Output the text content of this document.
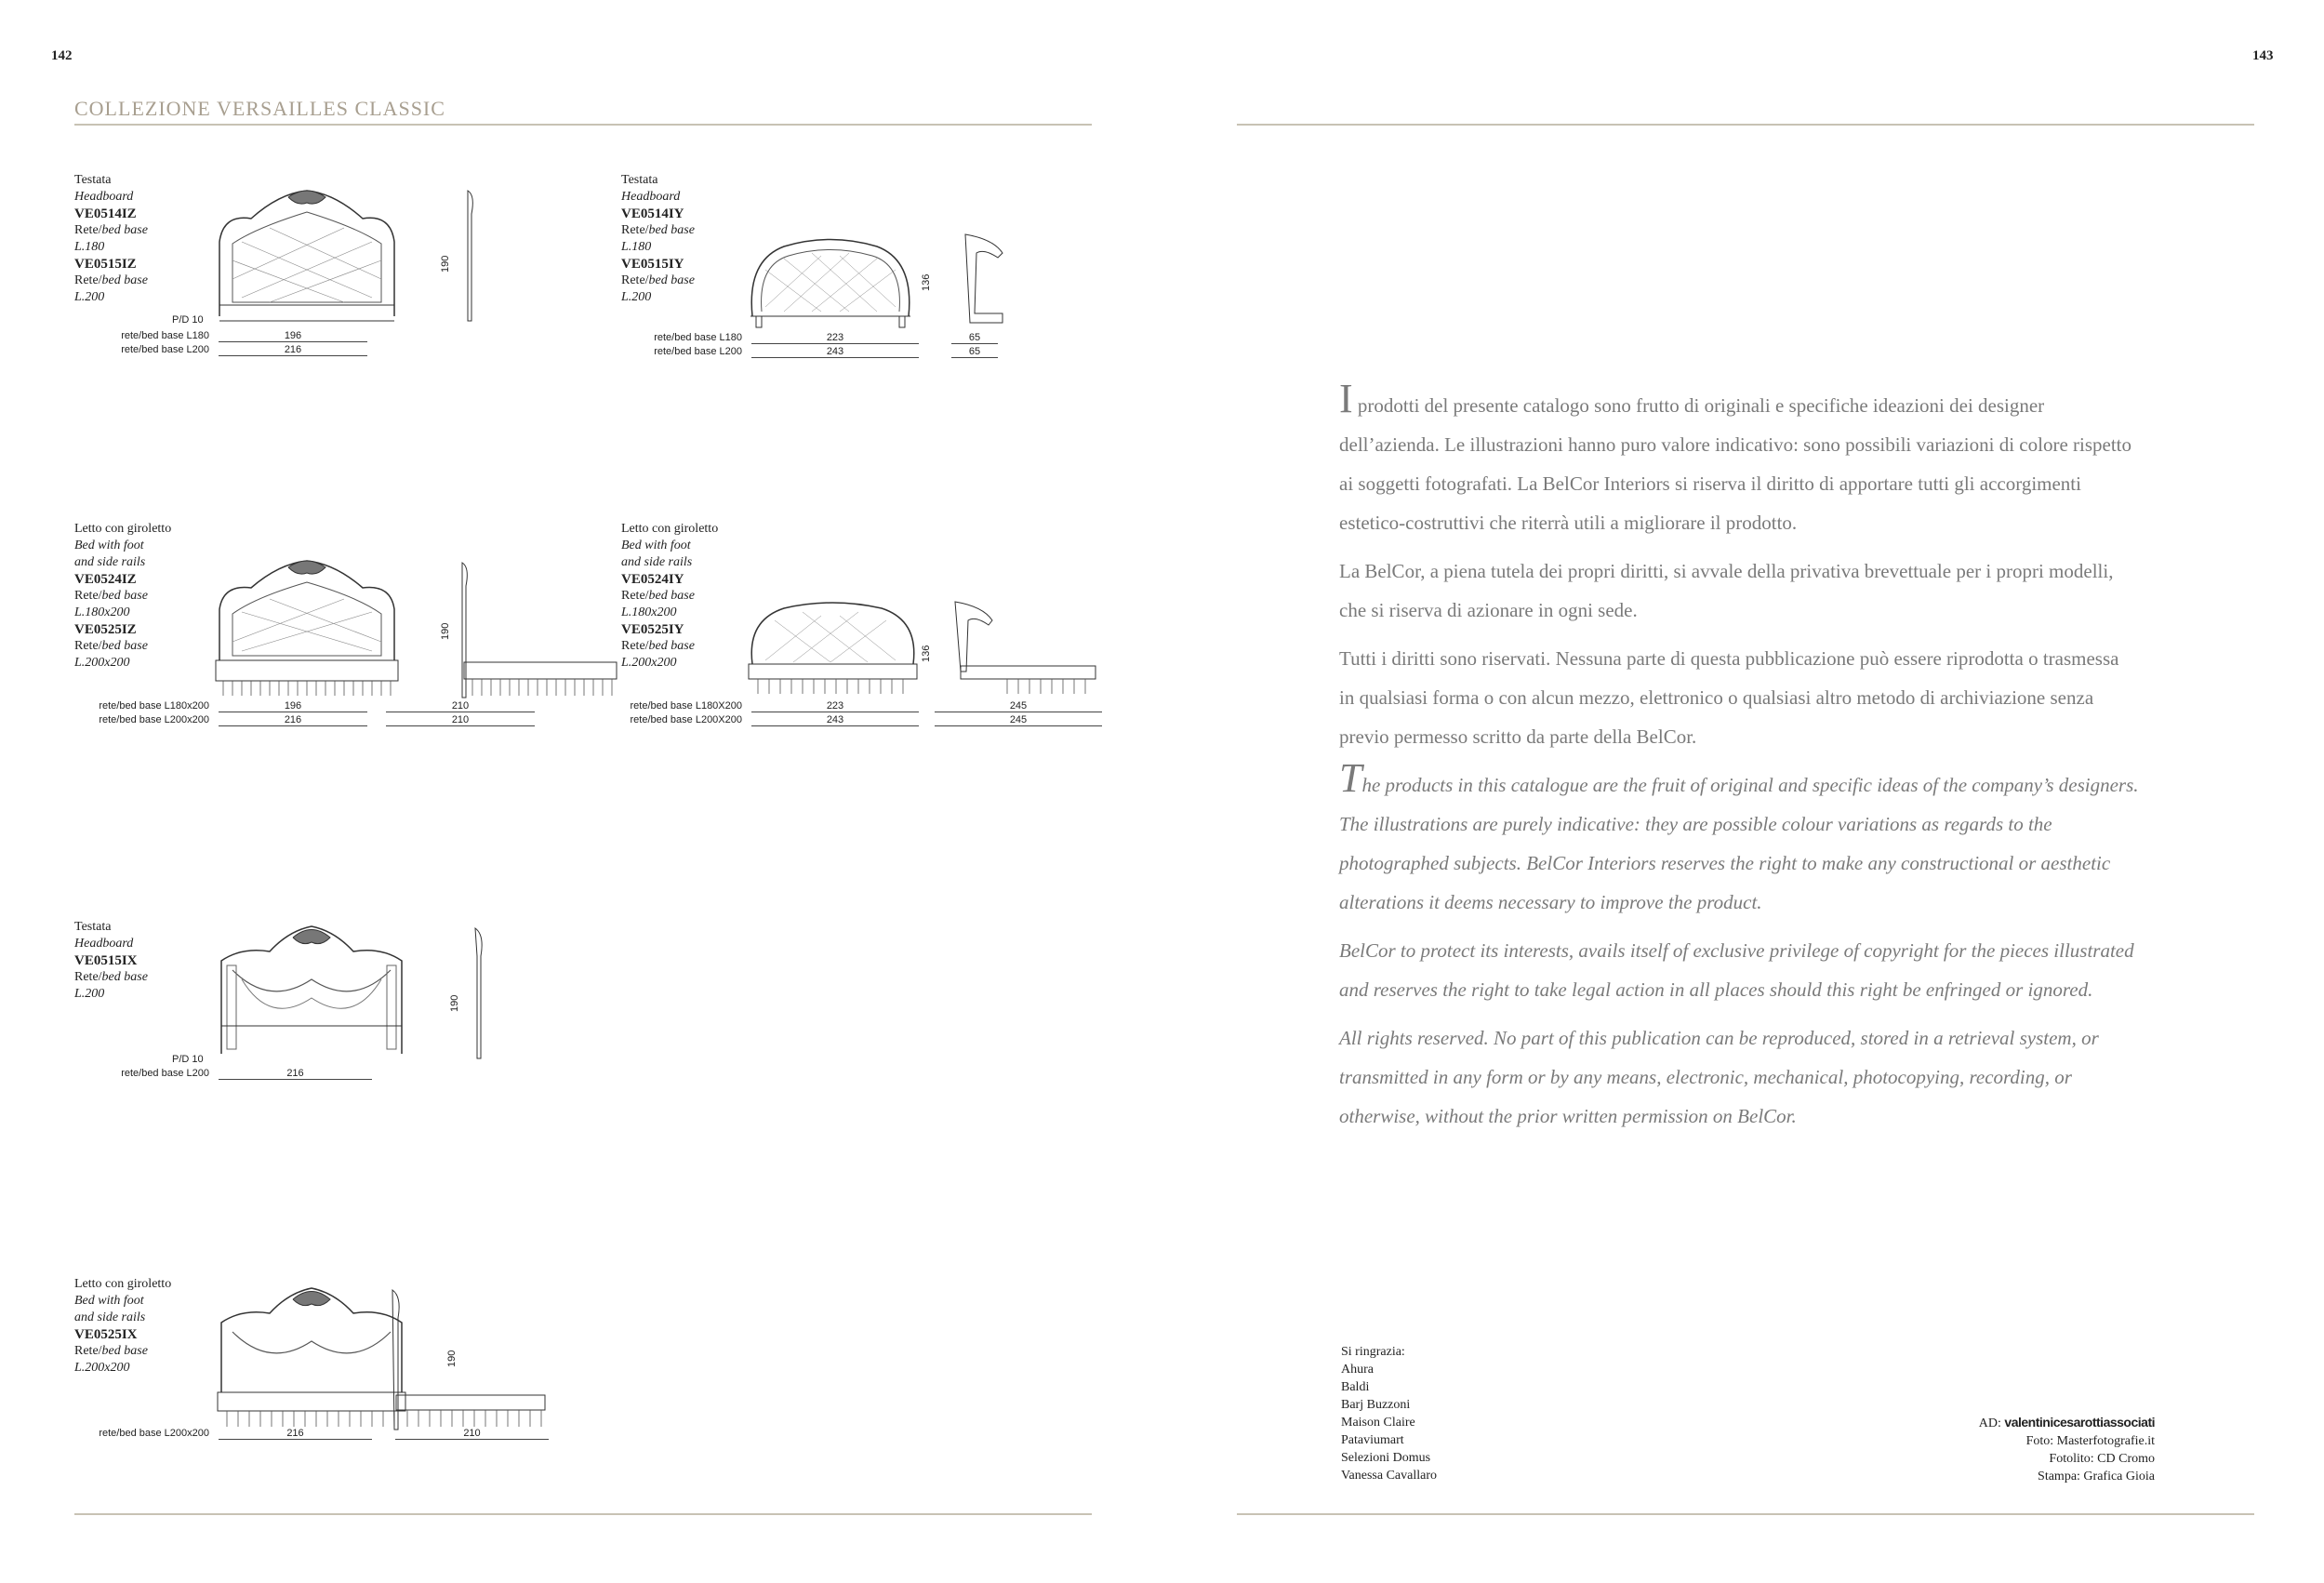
142
COLLEZIONE VERSAILLES CLASSIC
Testata
Headboard
VE0514IZ
Rete/bed base
L.180
VE0515IZ
Rete/bed base
L.200
190
P/D 10
rete/bed base L180	196
rete/bed base L200	216
Testata
Headboard
VE0514IY
Rete/bed base
L.180
VE0515IY
Rete/bed base
L.200
136
rete/bed base L180	223	65
rete/bed base L200	243	65
Letto con giroletto
Bed with foot
and side rails
VE0524IZ
Rete/bed base
L.180x200
VE0525IZ
Rete/bed base
L.200x200
190
rete/bed base L180x200	196	210
rete/bed base L200x200	216	210
Letto con giroletto
Bed with foot
and side rails
VE0524IY
Rete/bed base
L.180x200
VE0525IY
Rete/bed base
L.200x200
136
rete/bed base L180X200	223	245
rete/bed base L200X200	243	245
Testata
Headboard
VE0515IX
Rete/bed base
L.200
190
P/D 10
rete/bed base L200	216
Letto con giroletto
Bed with foot
and side rails
VE0525IX
Rete/bed base
L.200x200
190
rete/bed base L200x200	216	210
143

I prodotti del presente catalogo sono frutto di originali e specifiche ideazioni dei designer dell’azienda. Le illustrazioni hanno puro valore indicativo: sono possibili variazioni di colore rispetto ai soggetti fotografati. La BelCor Interiors si riserva il diritto di apportare tutti gli accorgimenti estetico-costruttivi che riterrà utili a migliorare il prodotto.

La BelCor, a piena tutela dei propri diritti, si avvale della privativa brevettuale per i propri modelli, che si riserva di azionare in ogni sede.

Tutti i diritti sono riservati. Nessuna parte di questa pubblicazione può essere riprodotta o trasmessa in qualsiasi forma o con alcun mezzo, elettronico o qualsiasi altro metodo di archiviazione senza previo permesso scritto da parte della BelCor.

The products in this catalogue are the fruit of original and specific ideas of the company’s designers. The illustrations are purely indicative: they are possible colour variations as regards to the photographed subjects. BelCor Interiors reserves the right to make any constructional or aesthetic alterations it deems necessary to improve the product.

BelCor to protect its interests, avails itself of exclusive privilege of copyright for the pieces illustrated and reserves the right to take legal action in all places should this right be enfringed or ignored.

All rights reserved. No part of this publication can be reproduced, stored in a retrieval system, or transmitted in any form or by any means, electronic, mechanical, photocopying, recording, or otherwise, without the prior written permission on BelCor.

Si ringrazia:
Ahura
Baldi
Barj Buzzoni
Maison Claire
Pataviumart
Selezioni Domus
Vanessa Cavallaro
AD: valentinicesarottiassociati
Foto: Masterfotografie.it
Fotolito: CD Cromo
Stampa: Grafica Gioia
